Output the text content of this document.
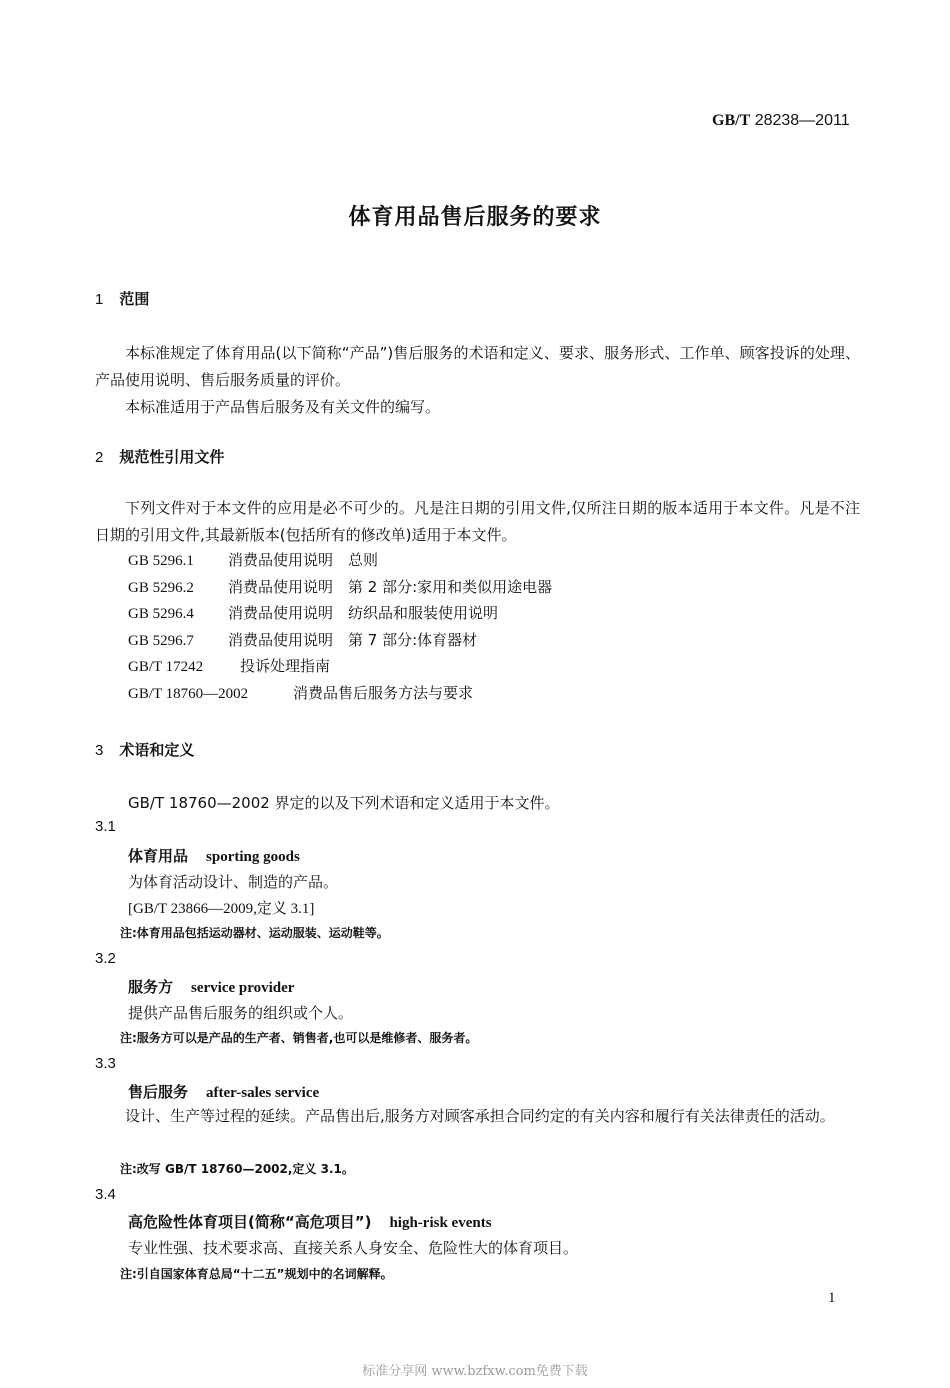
GB/T 28238—2011
体育用品售后服务的要求
1 范围
本标准规定了体育用品(以下简称“产品”)售后服务的术语和定义、要求、服务形式、工作单、顾客投诉的处理、产品使用说明、售后服务质量的评价。
本标准适用于产品售后服务及有关文件的编写。
2 规范性引用文件
下列文件对于本文件的应用是必不可少的。凡是注日期的引用文件,仅所注日期的版本适用于本文件。凡是不注日期的引用文件,其最新版本(包括所有的修改单)适用于本文件。
GB 5296.1 消费品使用说明　总则
GB 5296.2 消费品使用说明　第 2 部分:家用和类似用途电器
GB 5296.4 消费品使用说明　纺织品和服装使用说明
GB 5296.7 消费品使用说明　第 7 部分:体育器材
GB/T 17242 投诉处理指南
GB/T 18760—2002	消费品售后服务方法与要求
3 术语和定义
GB/T 18760—2002 界定的以及下列术语和定义适用于本文件。
3.1
体育用品 sporting goods
为体育活动设计、制造的产品。
[GB/T 23866—2009,定义 3.1]
注:体育用品包括运动器材、运动服装、运动鞋等。
3.2
服务方 service provider
提供产品售后服务的组织或个人。
注:服务方可以是产品的生产者、销售者,也可以是维修者、服务者。
3.3
售后服务 after-sales service
设计、生产等过程的延续。产品售出后,服务方对顾客承担合同约定的有关内容和履行有关法律责任的活动。
注:改写 GB/T 18760—2002,定义 3.1。
3.4
高危险性体育项目(简称“高危项目”) high-risk events
专业性强、技术要求高、直接关系人身安全、危险性大的体育项目。
注:引自国家体育总局“十二五”规划中的名词解释。
1
标准分享网 www.bzfxw.com免费下载
